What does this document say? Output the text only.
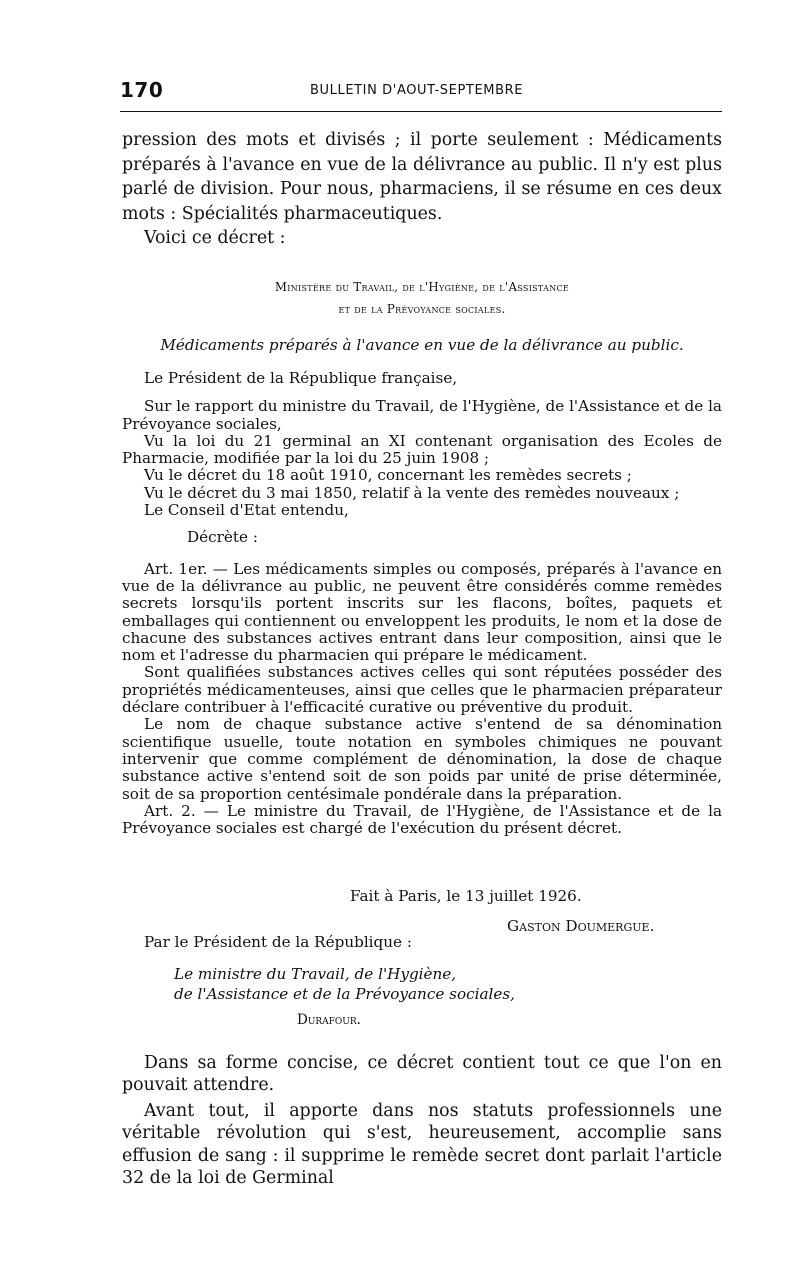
170	BULLETIN D'AOUT-SEPTEMBRE

pression des mots et divisés ; il porte seulement : Médicaments préparés à l'avance en vue de la délivrance au public. Il n'y est plus parlé de division. Pour nous, pharmaciens, il se résume en ces deux mots : Spécialités pharmaceutiques.

Voici ce décret :

Ministère du Travail, de l'Hygiène, de l'Assistance
et de la Prévoyance sociales.
Médicaments préparés à l'avance en vue de la délivrance au public.

Le Président de la République française,

Sur le rapport du ministre du Travail, de l'Hygiène, de l'Assistance et de la Prévoyance sociales,

Vu la loi du 21 germinal an XI contenant organisation des Ecoles de Pharmacie, modifiée par la loi du 25 juin 1908 ;

Vu le décret du 18 août 1910, concernant les remèdes secrets ;

Vu le décret du 3 mai 1850, relatif à la vente des remèdes nouveaux ;

Le Conseil d'Etat entendu,

Décrète :

Art. 1er. — Les médicaments simples ou composés, préparés à l'avance en vue de la délivrance au public, ne peuvent être considérés comme remèdes secrets lorsqu'ils portent inscrits sur les flacons, boîtes, paquets et emballages qui contiennent ou enveloppent les produits, le nom et la dose de chacune des substances actives entrant dans leur composition, ainsi que le nom et l'adresse du pharmacien qui prépare le médicament.

Sont qualifiées substances actives celles qui sont réputées posséder des propriétés médicamenteuses, ainsi que celles que le pharmacien préparateur déclare contribuer à l'efficacité curative ou préventive du produit.

Le nom de chaque substance active s'entend de sa dénomination scientifique usuelle, toute notation en symboles chimiques ne pouvant intervenir que comme complément de dénomination, la dose de chaque substance active s'entend soit de son poids par unité de prise déterminée, soit de sa proportion centésimale pondérale dans la préparation.

Art. 2. — Le ministre du Travail, de l'Hygiène, de l'Assistance et de la Prévoyance sociales est chargé de l'exécution du présent décret.

Fait à Paris, le 13 juillet 1926.
Gaston Doumergue.
Par le Président de la République :
Le ministre du Travail, de l'Hygiène,
de l'Assistance et de la Prévoyance sociales,
Durafour.

Dans sa forme concise, ce décret contient tout ce que l'on en pouvait attendre.

Avant tout, il apporte dans nos statuts professionnels une véritable révolution qui s'est, heureusement, accomplie sans effusion de sang : il supprime le remède secret dont parlait l'article 32 de la loi de Germinal
